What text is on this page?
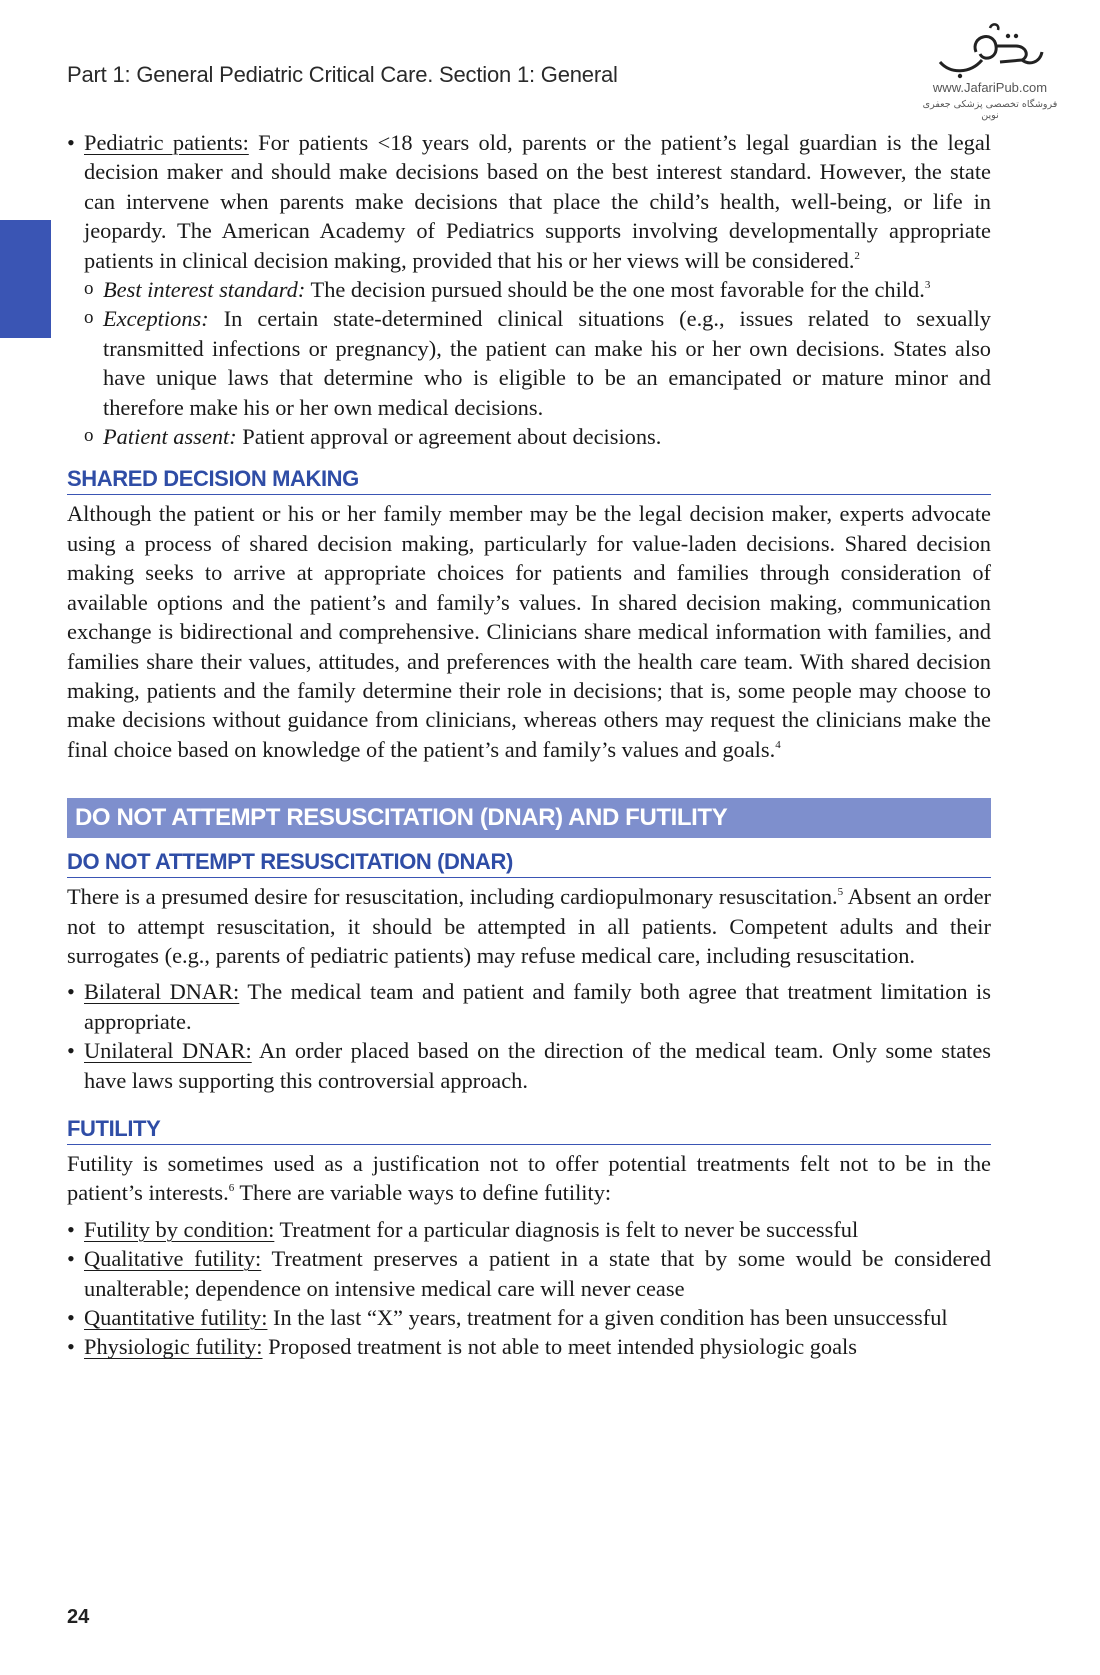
Part 1: General Pediatric Critical Care. Section 1: General
www.JafariPub.com
فروشگاه تخصصی پزشکی جعفری نوین

• Pediatric patients: For patients <18 years old, parents or the patient’s legal guardian is the legal decision maker and should make decisions based on the best interest standard. However, the state can intervene when parents make decisions that place the child’s health, well-being, or life in jeopardy. The American Academy of Pediatrics supports involving developmentally appropriate patients in clinical decision making, provided that his or her views will be considered.$^2$

o Best interest standard: The decision pursued should be the one most favorable for the child.$^3$

o Exceptions: In certain state-determined clinical situations (e.g., issues related to sexually transmitted infections or pregnancy), the patient can make his or her own decisions. States also have unique laws that determine who is eligible to be an emancipated or mature minor and therefore make his or her own medical decisions.

o Patient assent: Patient approval or agreement about decisions.

SHARED DECISION MAKING

Although the patient or his or her family member may be the legal decision maker, experts advocate using a process of shared decision making, particularly for value-laden decisions. Shared decision making seeks to arrive at appropriate choices for patients and families through consideration of available options and the patient’s and family’s values. In shared decision making, communication exchange is bidirectional and comprehensive. Clinicians share medical information with families, and families share their values, attitudes, and preferences with the health care team. With shared decision making, patients and the family determine their role in decisions; that is, some people may choose to make decisions without guidance from clinicians, whereas others may request the clinicians make the final choice based on knowledge of the patient’s and family’s values and goals.$^4$

DO NOT ATTEMPT RESUSCITATION (DNAR) AND FUTILITY
DO NOT ATTEMPT RESUSCITATION (DNAR)

There is a presumed desire for resuscitation, including cardiopulmonary resuscitation.$^5$ Absent an order not to attempt resuscitation, it should be attempted in all patients. Competent adults and their surrogates (e.g., parents of pediatric patients) may refuse medical care, including resuscitation.

• Bilateral DNAR: The medical team and patient and family both agree that treatment limitation is appropriate.

• Unilateral DNAR: An order placed based on the direction of the medical team. Only some states have laws supporting this controversial approach.

FUTILITY

Futility is sometimes used as a justification not to offer potential treatments felt not to be in the patient’s interests.$^6$ There are variable ways to define futility:

• Futility by condition: Treatment for a particular diagnosis is felt to never be successful

• Qualitative futility: Treatment preserves a patient in a state that by some would be considered unalterable; dependence on intensive medical care will never cease

• Quantitative futility: In the last “X” years, treatment for a given condition has been unsuccessful

• Physiologic futility: Proposed treatment is not able to meet intended physiologic goals

24
